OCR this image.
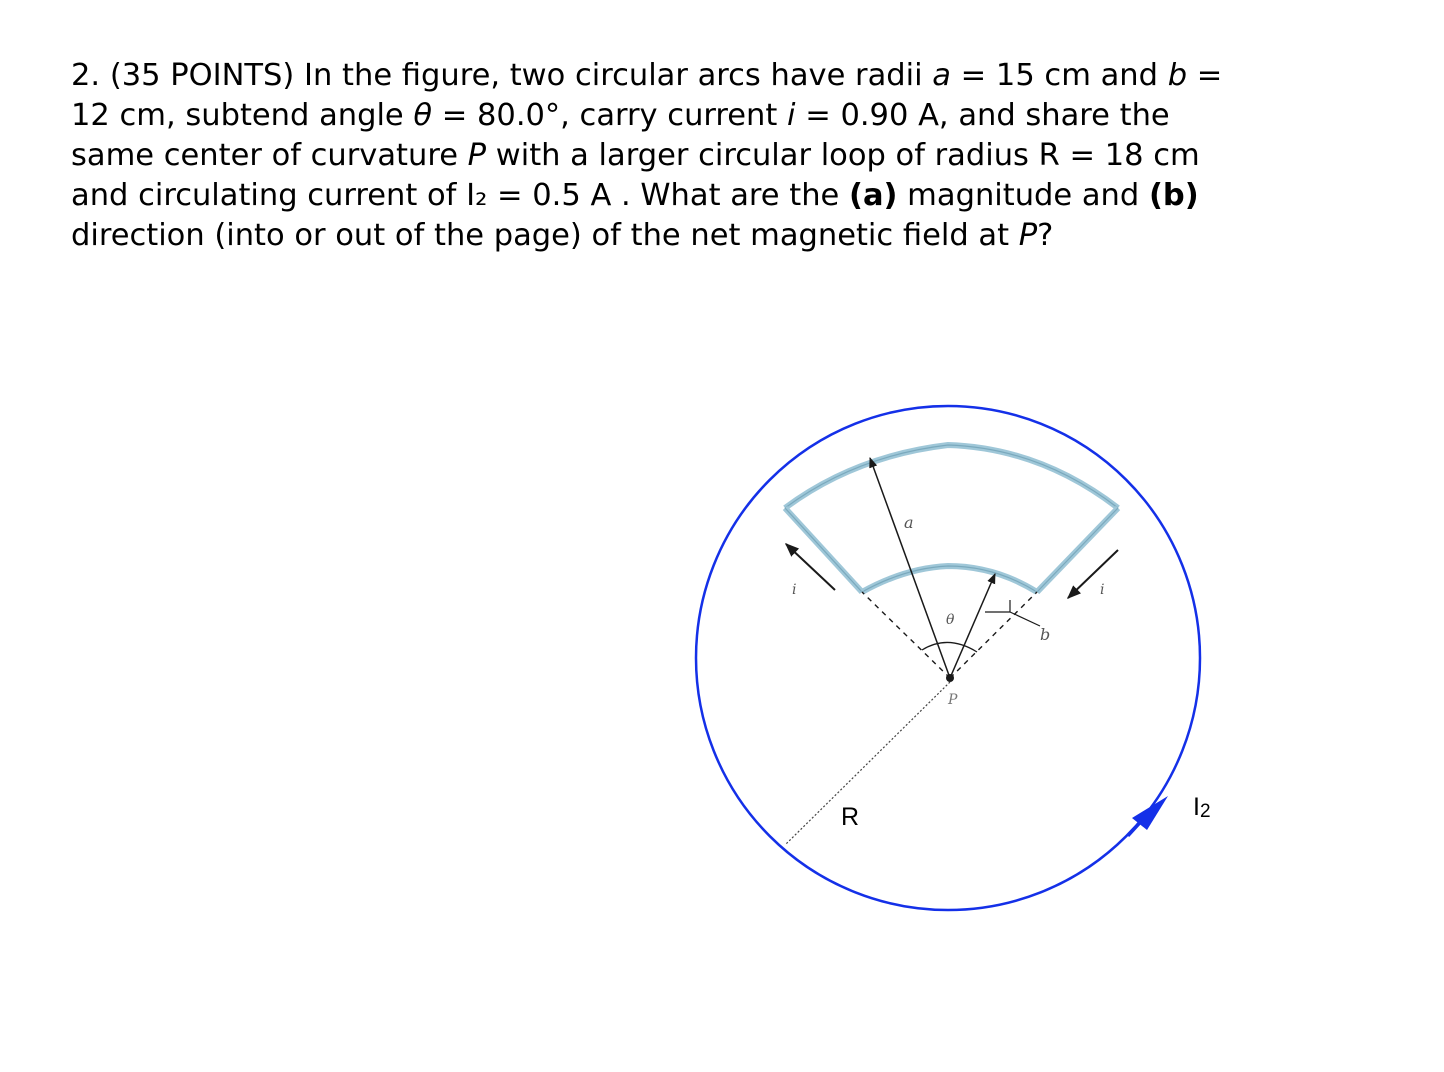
2. (35 POINTS) In the figure, two circular arcs have radii a = 15 cm and b =
12 cm, subtend angle θ = 80.0°, carry current i = 0.90 A, and share the
same center of curvature P with a larger circular loop of radius R = 18 cm
and circulating current of I₂ = 0.5 A . What are the (a) magnitude and (b)
direction (into or out of the page) of the net magnetic field at P?
a
b
θ
i	i
P
R	I2
